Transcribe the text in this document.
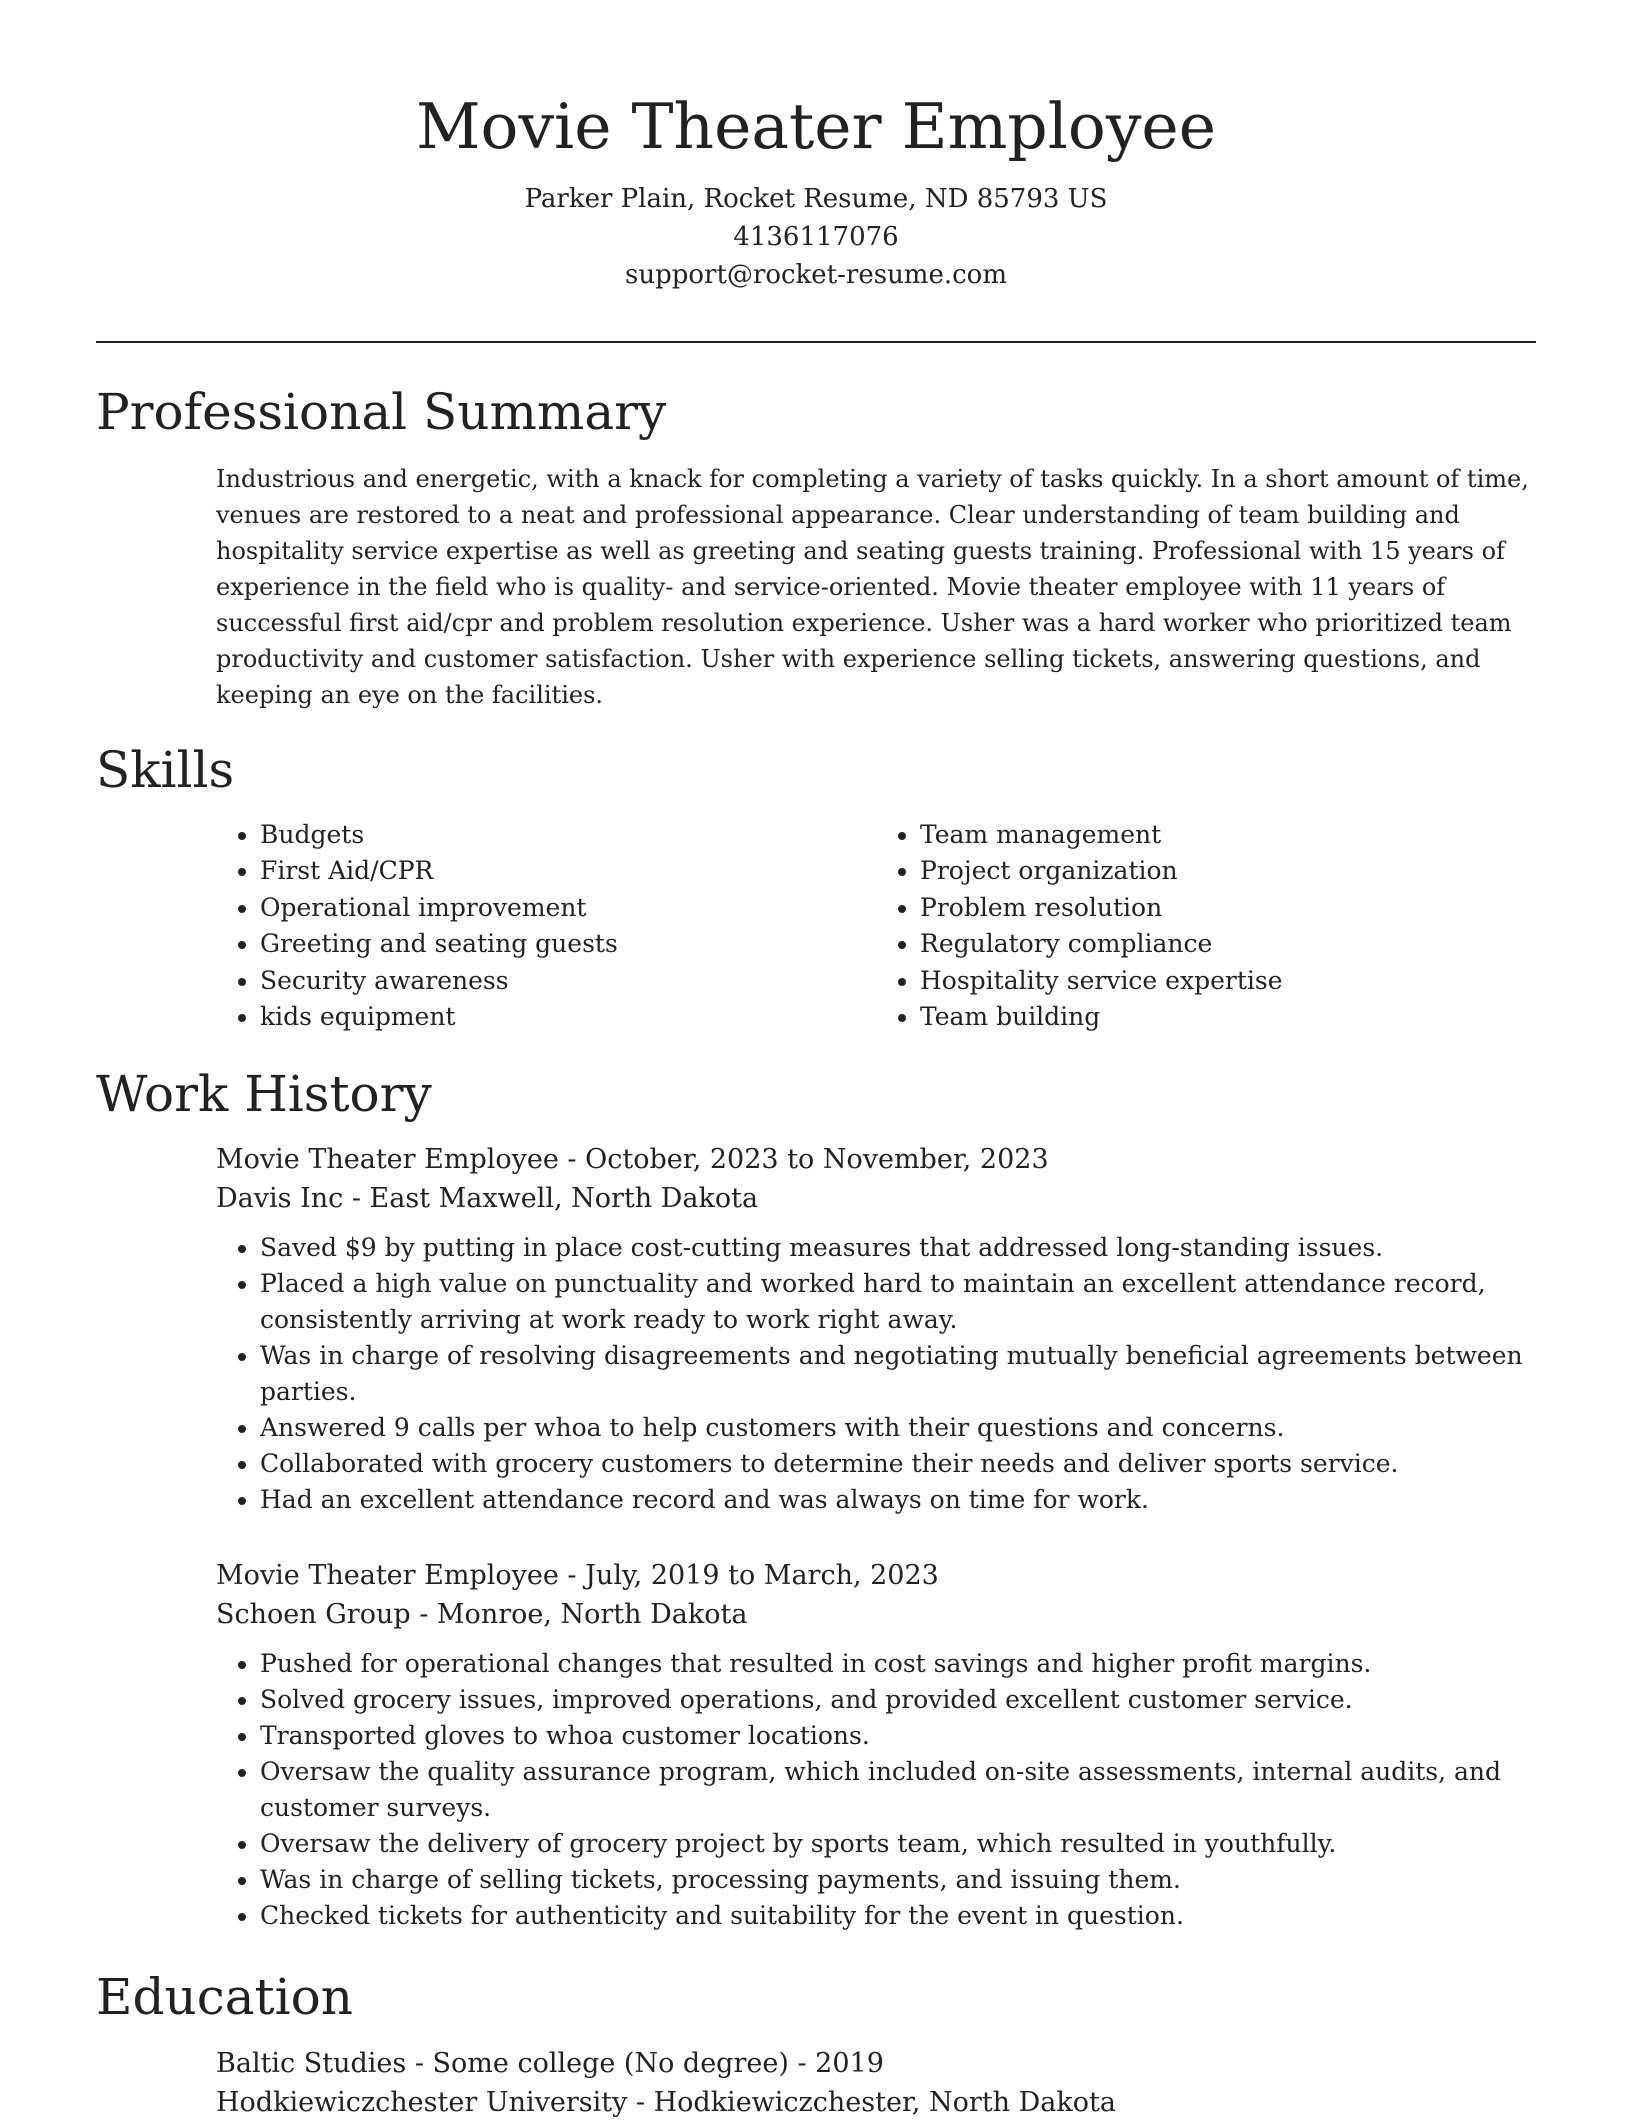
Movie Theater Employee

Parker Plain, Rocket Resume, ND 85793 US

4136117076

support@rocket-resume.com

Professional Summary

Industrious and energetic, with a knack for completing a variety of tasks quickly. In a short amount of time, venues are restored to a neat and professional appearance. Clear understanding of team building and hospitality service expertise as well as greeting and seating guests training. Professional with 15 years of experience in the field who is quality- and service-oriented. Movie theater employee with 11 years of successful first aid/cpr and problem resolution experience. Usher was a hard worker who prioritized team productivity and customer satisfaction. Usher with experience selling tickets, answering questions, and keeping an eye on the facilities.

Skills
• Budgets
• First Aid/CPR
• Operational improvement
• Greeting and seating guests
• Security awareness
• kids equipment
• Team management
• Project organization
• Problem resolution
• Regulatory compliance
• Hospitality service expertise
• Team building
Work History

Movie Theater Employee - October, 2023 to November, 2023

Davis Inc - East Maxwell, North Dakota

• Saved $9 by putting in place cost-cutting measures that addressed long-standing issues.
• Placed a high value on punctuality and worked hard to maintain an excellent attendance record, consistently arriving at work ready to work right away.
• Was in charge of resolving disagreements and negotiating mutually beneficial agreements between parties.
• Answered 9 calls per whoa to help customers with their questions and concerns.
• Collaborated with grocery customers to determine their needs and deliver sports service.
• Had an excellent attendance record and was always on time for work.

Movie Theater Employee - July, 2019 to March, 2023

Schoen Group - Monroe, North Dakota

• Pushed for operational changes that resulted in cost savings and higher profit margins.
• Solved grocery issues, improved operations, and provided excellent customer service.
• Transported gloves to whoa customer locations.
• Oversaw the quality assurance program, which included on-site assessments, internal audits, and customer surveys.
• Oversaw the delivery of grocery project by sports team, which resulted in youthfully.
• Was in charge of selling tickets, processing payments, and issuing them.
• Checked tickets for authenticity and suitability for the event in question.
Education

Baltic Studies - Some college (No degree) - 2019

Hodkiewiczchester University - Hodkiewiczchester, North Dakota
